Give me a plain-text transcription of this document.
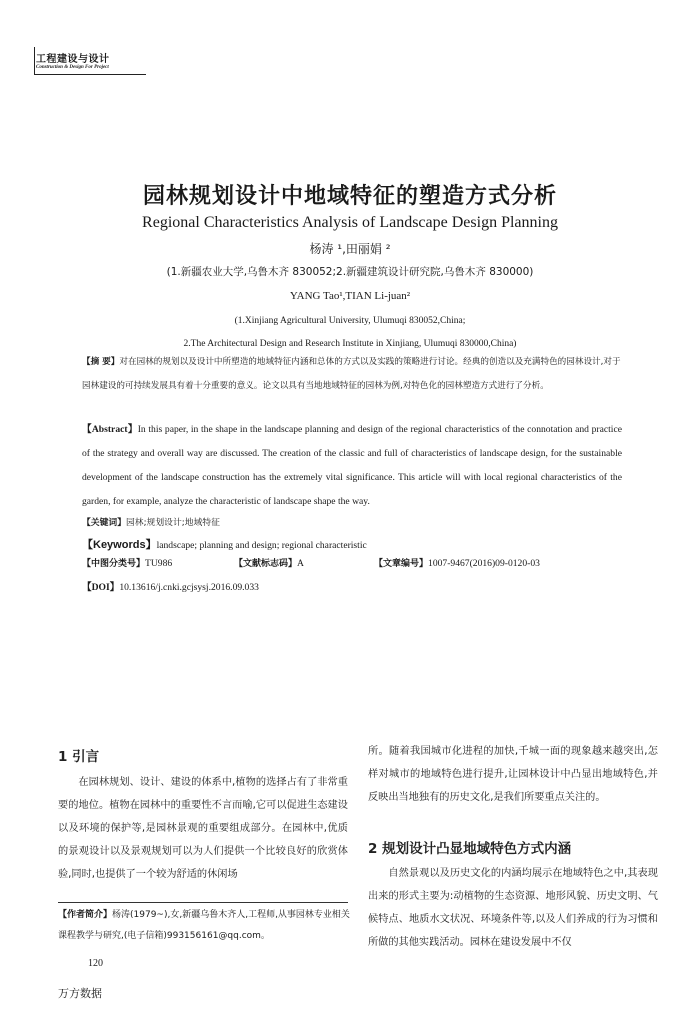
工程建设与设计
Construction & Design For Project
园林规划设计中地域特征的塑造方式分析
Regional Characteristics Analysis of Landscape Design Planning
杨涛 ¹,田丽娟 ²
(1.新疆农业大学,乌鲁木齐 830052;2.新疆建筑设计研究院,乌鲁木齐 830000)
YANG Tao¹,TIAN Li-juan²
(1.Xinjiang Agricultural University, Ulumuqi 830052,China;
2.The Architectural Design and Research Institute in Xinjiang, Ulumuqi 830000,China)
【摘 要】对在园林的规划以及设计中所塑造的地域特征内涵和总体的方式以及实践的策略进行讨论。经典的创造以及充满特色的园林设计,对于园林建设的可持续发展具有着十分重要的意义。论文以具有当地地域特征的园林为例,对特色化的园林塑造方式进行了分析。
【Abstract】In this paper, in the shape in the landscape planning and design of the regional characteristics of the connotation and practice of the strategy and overall way are discussed. The creation of the classic and full of characteristics of landscape design, for the sustainable development of the landscape construction has the extremely vital significance. This article will with local regional characteristics of the garden, for example, analyze the characteristic of landscape shape the way.
【关键词】园林;规划设计;地域特征
【Keywords】landscape; planning and design; regional characteristic
【中图分类号】TU986	【文献标志码】A	【文章编号】1007-9467(2016)09-0120-03
【DOI】10.13616/j.cnki.gcjsysj.2016.09.033
1 引言

在园林规划、设计、建设的体系中,植物的选择占有了非常重要的地位。植物在园林中的重要性不言而喻,它可以促进生态建设以及环境的保护等,是园林景观的重要组成部分。在园林中,优质的景观设计以及景观规划可以为人们提供一个比较良好的欣赏体验,同时,也提供了一个较为舒适的休闲场

【作者简介】杨涛(1979~),女,新疆乌鲁木齐人,工程师,从事园林专业相关课程教学与研究,(电子信箱)993156161@qq.com。

所。随着我国城市化进程的加快,千城一面的现象越来越突出,怎样对城市的地域特色进行提升,让园林设计中凸显出地域特色,并反映出当地独有的历史文化,是我们所要重点关注的。

2 规划设计凸显地域特色方式内涵

自然景观以及历史文化的内涵均展示在地域特色之中,其表现出来的形式主要为:动植物的生态资源、地形风貌、历史文明、气候特点、地质水文状况、环境条件等,以及人们养成的行为习惯和所做的其他实践活动。园林在建设发展中不仅

120
万方数据
